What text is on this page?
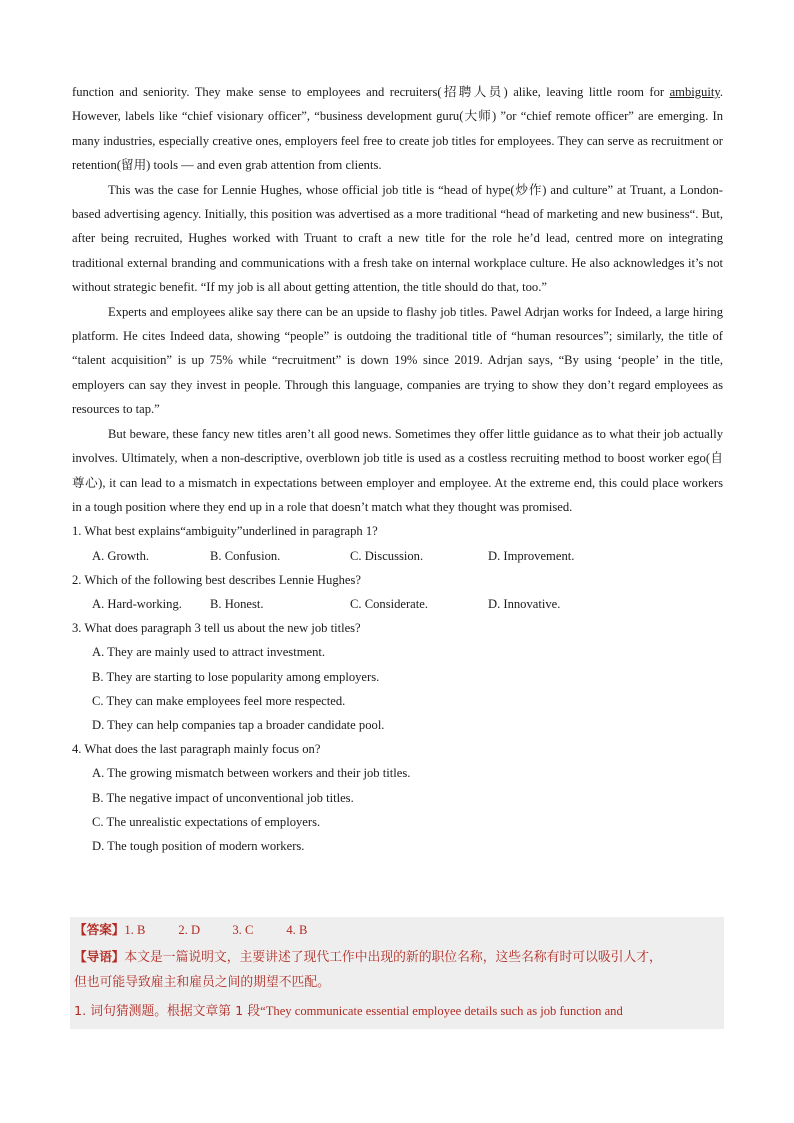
function and seniority. They make sense to employees and recruiters(招聘人员) alike, leaving little room for ambiguity. However, labels like “chief visionary officer”, “business development guru(大师) ”or “chief remote officer” are emerging. In many industries, especially creative ones, employers feel free to create job titles for employees. They can serve as recruitment or retention(留用) tools — and even grab attention from clients.

This was the case for Lennie Hughes, whose official job title is “head of hype(炒作) and culture” at Truant, a London-based advertising agency. Initially, this position was advertised as a more traditional “head of marketing and new business“. But, after being recruited, Hughes worked with Truant to craft a new title for the role he’d lead, centred more on integrating traditional external branding and communications with a fresh take on internal workplace culture. He also acknowledges it’s not without strategic benefit. “If my job is all about getting attention, the title should do that, too.”

Experts and employees alike say there can be an upside to flashy job titles. Pawel Adrjan works for Indeed, a large hiring platform. He cites Indeed data, showing “people” is outdoing the traditional title of “human resources”; similarly, the title of “talent acquisition” is up 75% while “recruitment” is down 19% since 2019. Adrjan says, “By using ‘people’ in the title, employers can say they invest in people. Through this language, companies are trying to show they don’t regard employees as resources to tap.”

But beware, these fancy new titles aren’t all good news. Sometimes they offer little guidance as to what their job actually involves. Ultimately, when a non-descriptive, overblown job title is used as a costless recruiting method to boost worker ego(自尊心), it can lead to a mismatch in expectations between employer and employee. At the extreme end, this could place workers in a tough position where they end up in a role that doesn’t match what they thought was promised.

1. What best explains“ambiguity”underlined in paragraph 1?

A. Growth.	B. Confusion.	C. Discussion.	D. Improvement.

2. Which of the following best describes Lennie Hughes?

A. Hard-working.	B. Honest.	C. Considerate.	D. Innovative.

3. What does paragraph 3 tell us about the new job titles?

A. They are mainly used to attract investment.

B. They are starting to lose popularity among employers.

C. They can make employees feel more respected.

D. They can help companies tap a broader candidate pool.

4. What does the last paragraph mainly focus on?

A. The growing mismatch between workers and their job titles.

B. The negative impact of unconventional job titles.

C. The unrealistic expectations of employers.

D. The tough position of modern workers.

【答案】1. B	2. D	3. C	4. B
【导语】本文是一篇说明文，主要讲述了现代工作中出现的新的职位名称，这些名称有时可以吸引人才，
但也可能导致雇主和雇员之间的期望不匹配。
1. 词句猜测题。根据文章第 1 段“They communicate essential employee details such as job function and
